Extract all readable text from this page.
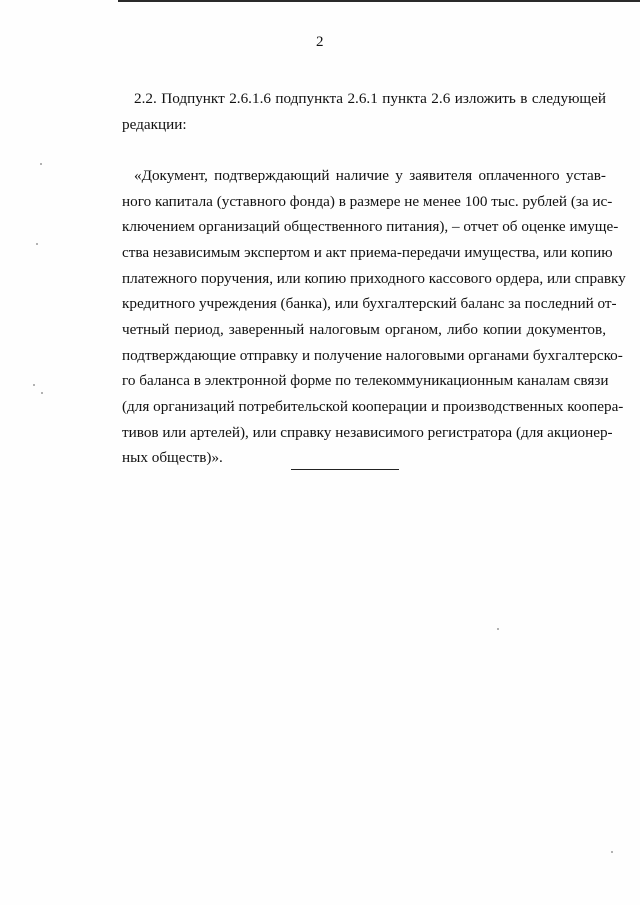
2
2.2. Подпункт 2.6.1.6 подпункта 2.6.1 пункта 2.6 изложить в следующей
редакции:
«Документ, подтверждающий наличие у заявителя оплаченного устав-
ного капитала (уставного фонда) в размере не менее 100 тыс. рублей (за ис-
ключением организаций общественного питания), – отчет об оценке имуще-
ства независимым экспертом и акт приема-передачи имущества, или копию
платежного поручения, или копию приходного кассового ордера, или справку
кредитного учреждения (банка), или бухгалтерский баланс за последний от-
четный период, заверенный налоговым органом, либо копии документов,
подтверждающие отправку и получение налоговыми органами бухгалтерско-
го баланса в электронной форме по телекоммуникационным каналам связи
(для организаций потребительской кооперации и производственных коопера-
тивов или артелей), или справку независимого регистратора (для акционер-
ных обществ)».
